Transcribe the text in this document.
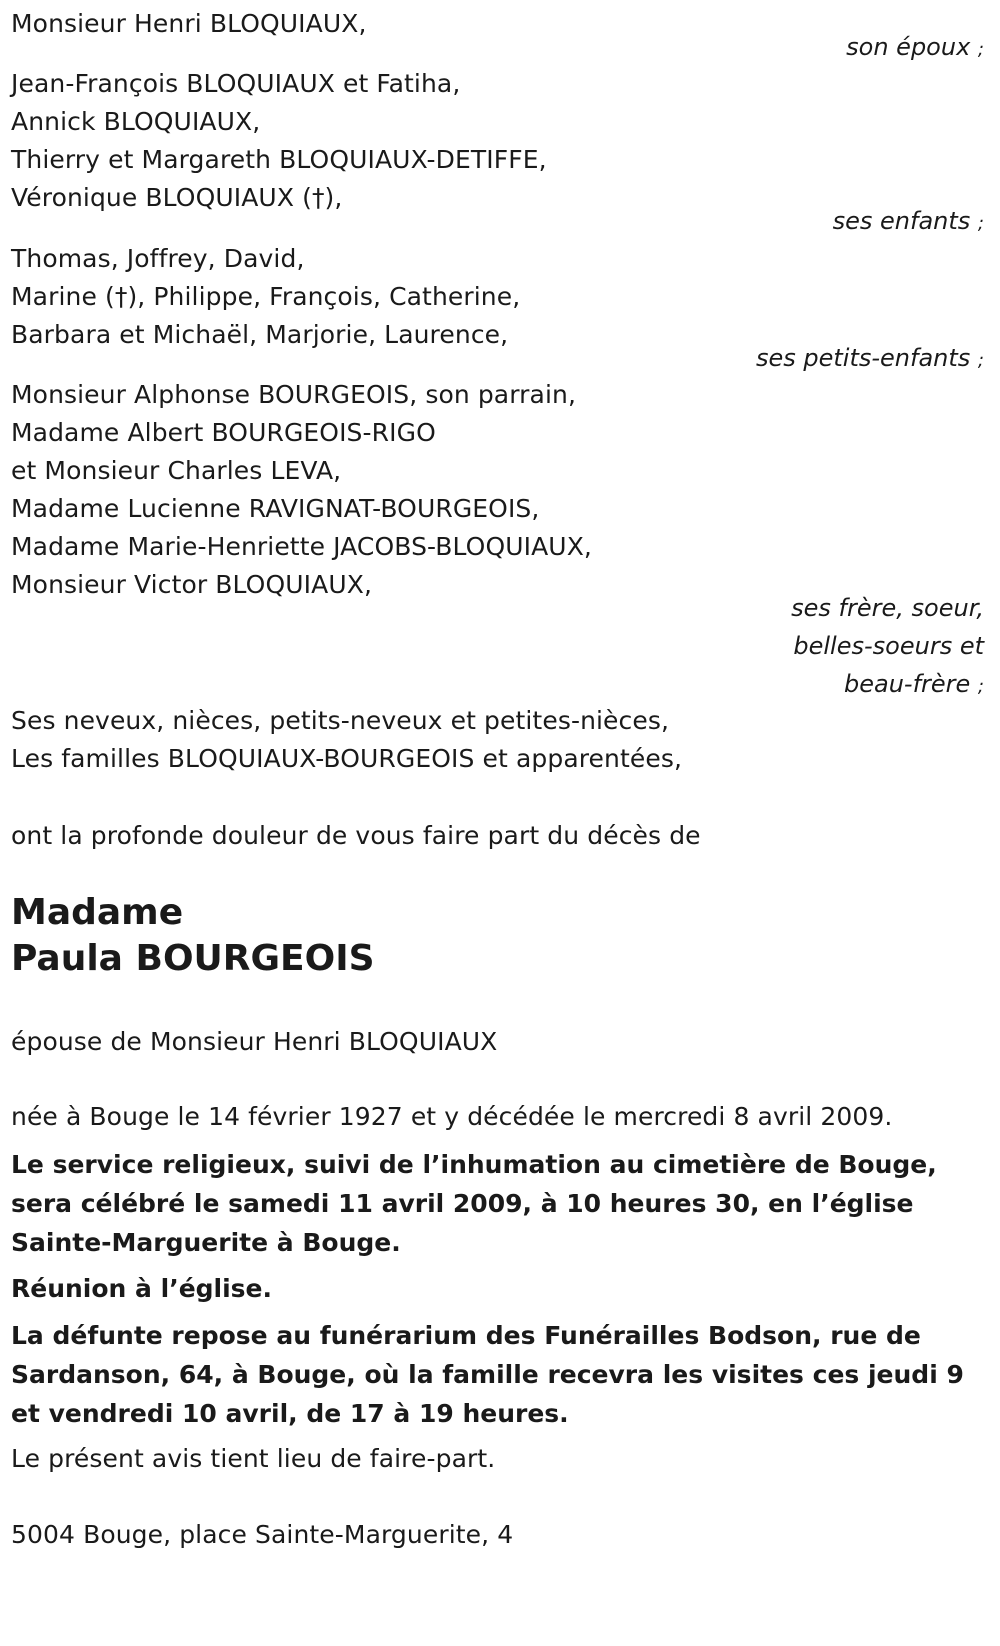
Monsieur Henri BLOQUIAUX,

son époux ;

Jean-François BLOQUIAUX et Fatiha,

Annick BLOQUIAUX,

Thierry et Margareth BLOQUIAUX-DETIFFE,

Véronique BLOQUIAUX (†),

ses enfants ;

Thomas, Joffrey, David,

Marine (†), Philippe, François, Catherine,

Barbara et Michaël, Marjorie, Laurence,

ses petits-enfants ;

Monsieur Alphonse BOURGEOIS, son parrain,

Madame Albert BOURGEOIS-RIGO

et Monsieur Charles LEVA,

Madame Lucienne RAVIGNAT-BOURGEOIS,

Madame Marie-Henriette JACOBS-BLOQUIAUX,

Monsieur Victor BLOQUIAUX,

ses frère, soeur,

belles-soeurs et

beau-frère ;

Ses neveux, nièces, petits-neveux et petites-nièces,

Les familles BLOQUIAUX-BOURGEOIS et apparentées,

ont la profonde douleur de vous faire part du décès de

Madame

Paula BOURGEOIS

épouse de Monsieur Henri BLOQUIAUX

née à Bouge le 14 février 1927 et y décédée le mercredi 8 avril 2009.

Le service religieux, suivi de l’inhumation au cimetière de Bouge, sera célébré le samedi 11 avril 2009, à 10 heures 30, en l’église Sainte-Marguerite à Bouge.

Réunion à l’église.

La défunte repose au funérarium des Funérailles Bodson, rue de Sardanson, 64, à Bouge, où la famille recevra les visites ces jeudi 9 et vendredi 10 avril, de 17 à 19 heures.

Le présent avis tient lieu de faire-part.

5004 Bouge, place Sainte-Marguerite, 4
